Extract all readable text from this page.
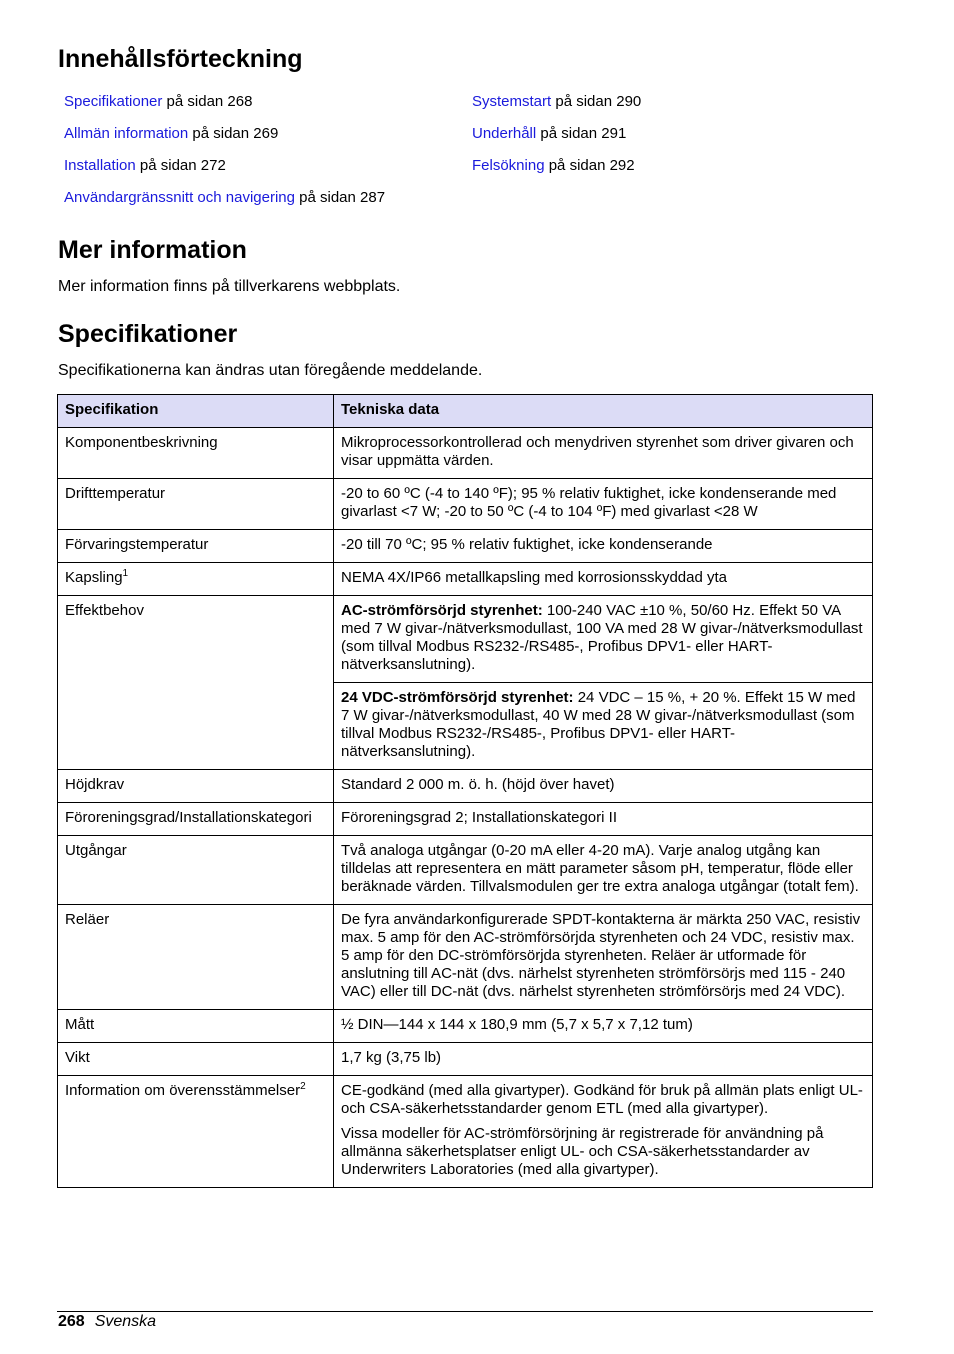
Innehållsförteckning
Specifikationer på sidan 268
Allmän information på sidan 269
Installation på sidan 272
Användargränssnitt och navigering på sidan 287
Systemstart på sidan 290
Underhåll på sidan 291
Felsökning på sidan 292
Mer information

Mer information finns på tillverkarens webbplats.

Specifikationer

Specifikationerna kan ändras utan föregående meddelande.

Specifikation	Tekniska data
Komponentbeskrivning	Mikroprocessorkontrollerad och menydriven styrenhet som driver givaren och visar uppmätta värden.
Drifttemperatur	-20 to 60 ºC (-4 to 140 ºF); 95 % relativ fuktighet, icke kondenserande med givarlast <7 W; -20 to 50 ºC (-4 to 104 ºF) med givarlast <28 W
Förvaringstemperatur	-20 till 70 ºC; 95 % relativ fuktighet, icke kondenserande
Kapsling$^1$	NEMA 4X/IP66 metallkapsling med korrosionsskyddad yta
Effektbehov	AC-strömförsörjd styrenhet: 100-240 VAC ±10 %, 50/60 Hz. Effekt 50 VA med 7 W givar-/nätverksmodullast, 100 VA med 28 W givar-/nätverksmodullast (som tillval Modbus RS232-/RS485-, Profibus DPV1- eller HART-nätverksanslutning).
	24 VDC-strömförsörjd styrenhet: 24 VDC – 15 %, + 20 %. Effekt 15 W med 7 W givar-/nätverksmodullast, 40 W med 28 W givar-/nätverksmodullast (som tillval Modbus RS232-/RS485-, Profibus DPV1- eller HART-nätverksanslutning).
Höjdkrav	Standard 2 000 m. ö. h. (höjd över havet)
Föroreningsgrad/Installationskategori	Föroreningsgrad 2; Installationskategori II
Utgångar	Två analoga utgångar (0-20 mA eller 4-20 mA). Varje analog utgång kan tilldelas att representera en mätt parameter såsom pH, temperatur, flöde eller beräknade värden. Tillvalsmodulen ger tre extra analoga utgångar (totalt fem).
Reläer	De fyra användarkonfigurerade SPDT-kontakterna är märkta 250 VAC, resistiv max. 5 amp för den AC-strömförsörjda styrenheten och 24 VDC, resistiv max. 5 amp för den DC-strömförsörjda styrenheten. Reläer är utformade för anslutning till AC-nät (dvs. närhelst styrenheten strömförsörjs med 115 - 240 VAC) eller till DC-nät (dvs. närhelst styrenheten strömförsörjs med 24 VDC).
Mått	½ DIN—144 x 144 x 180,9 mm (5,7 x 5,7 x 7,12 tum)
Vikt	1,7 kg (3,75 lb)
Information om överensstämmelser$^2$	CE-godkänd (med alla givartyper). Godkänd för bruk på allmän plats enligt UL- och CSA-säkerhetsstandarder genom ETL (med alla givartyper).

Vissa modeller för AC-strömförsörjning är registrerade för användning på allmänna säkerhetsplatser enligt UL- och CSA-säkerhetsstandarder av Underwriters Laboratories (med alla givartyper).

268 Svenska
